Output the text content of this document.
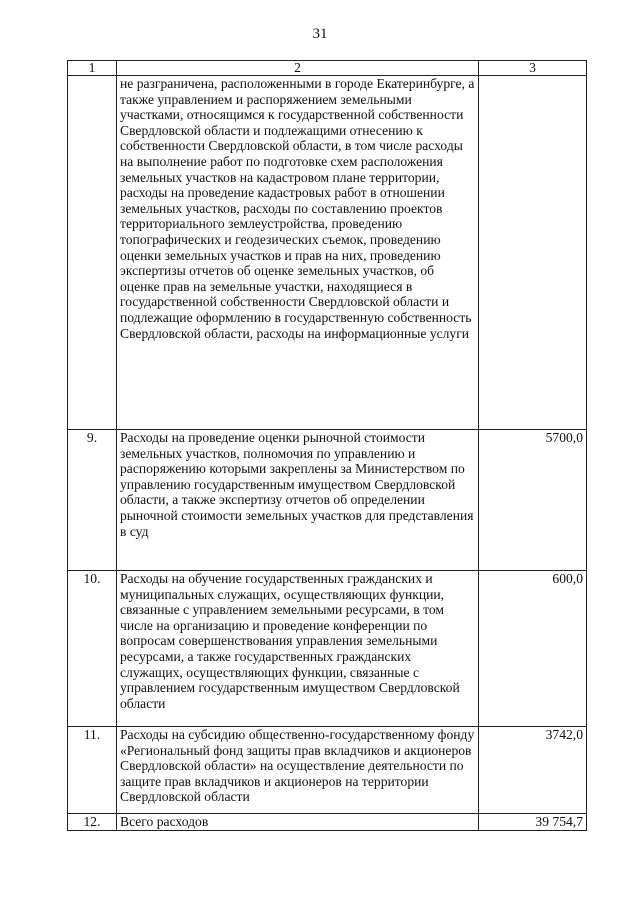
31
1	2	3
	не разграничена, расположенными в городе Екатеринбурге, а также управлением и распоряжением земельными участками, относящимся к государственной собственности Свердловской области и подлежащими отнесению к собственности Свердловской области, в том числе расходы на выполнение работ по подготовке схем расположения земельных участков на кадастровом плане территории, расходы на проведение кадастровых работ в отношении земельных участков, расходы по составлению проектов территориального землеустройства, проведению топографических и геодезических съемок, проведению оценки земельных участков и прав на них, проведению экспертизы отчетов об оценке земельных участков, об оценке прав на земельные участки, находящиеся в государственной собственности Свердловской области и подлежащие оформлению в государственную собственность Свердловской области, расходы на информационные услуги	
9.	Расходы на проведение оценки рыночной стоимости земельных участков, полномочия по управлению и распоряжению которыми закреплены за Министерством по управлению государственным имуществом Свердловской области, а также экспертизу отчетов об определении рыночной стоимости земельных участков для представления в суд	5700,0
10.	Расходы на обучение государственных гражданских и муниципальных служащих, осуществляющих функции, связанные с управлением земельными ресурсами, в том числе на организацию и проведение конференции по вопросам совершенствования управления земельными ресурсами, а также государственных гражданских служащих, осуществляющих функции, связанные с управлением государственным имуществом Свердловской области	600,0
11.	Расходы на субсидию общественно-государственному фонду «Региональный фонд защиты прав вкладчиков и акционеров Свердловской области» на осуществление деятельности по защите прав вкладчиков и акционеров на территории Свердловской области	3742,0
12.	Всего расходов	39 754,7
